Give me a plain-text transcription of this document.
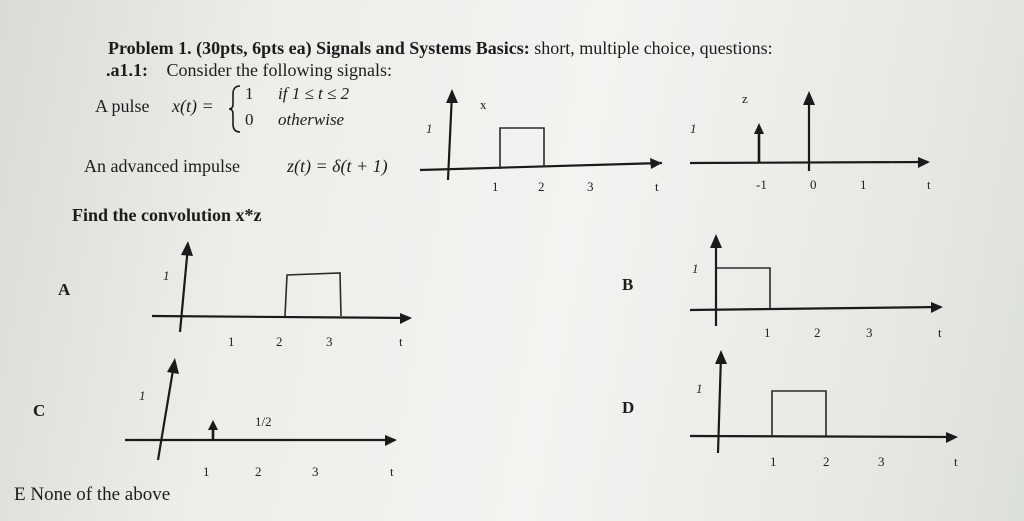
Problem 1. (30pts, 6pts ea) Signals and Systems Basics: short, multiple choice, questions:
.a1.1: Consider the following signals:
A pulse x(t) =
1 if 1 ≤ t ≤ 2
0 otherwise
An advanced impulse	z(t) = δ(t + 1)
Find the convolution x*z
x
1
1	2	3	t
z
1
-1	0	1	t
A
1
1	2	3	t
B
1
1	2	3	t
C
1
1/2
1	2	3	t
D
1
1	2	3	t
E None of the above
